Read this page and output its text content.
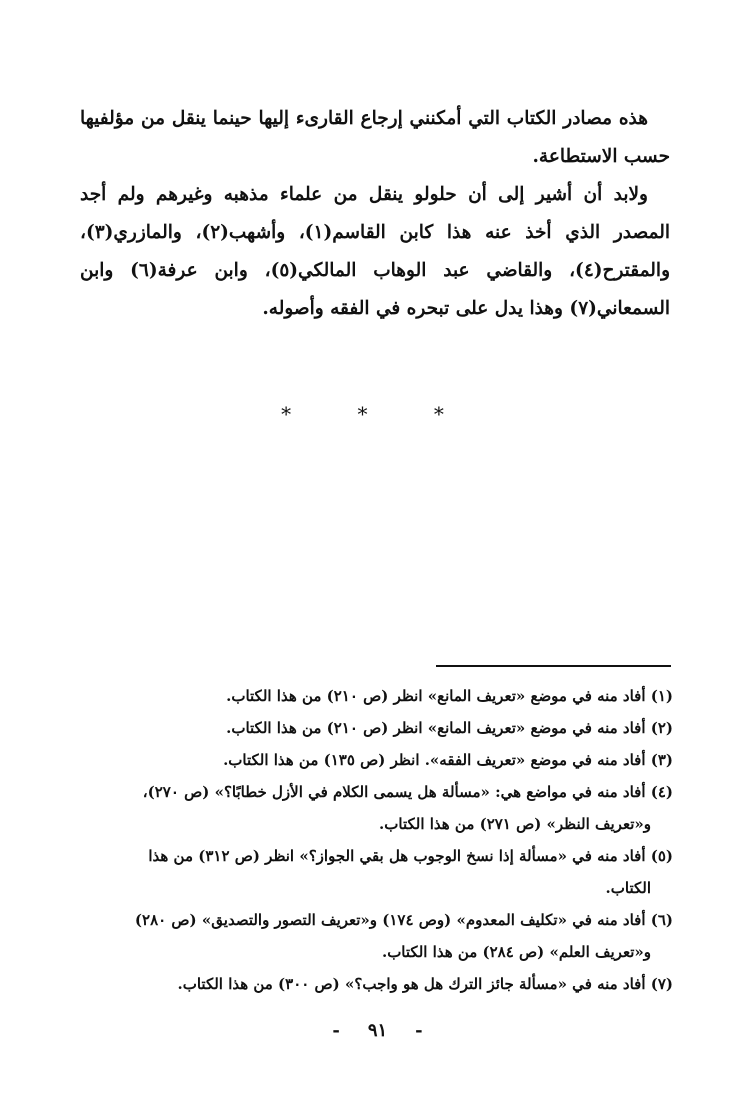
هذه مصادر الكتاب التي أمكنني إرجاع القارىء إليها حينما ينقل من مؤلفيها حسب الاستطاعة.

ولابد أن أشير إلى أن حلولو ينقل من علماء مذهبه وغيرهم ولم أجد المصدر الذي أخذ عنه هذا كابن القاسم(١)، وأشهب(٢)، والمازري(٣)، والمقترح(٤)، والقاضي عبد الوهاب المالكي(٥)، وابن عرفة(٦) وابن السمعاني(٧) وهذا يدل على تبحره في الفقه وأصوله.

* * *

(١) أفاد منه في موضع «تعريف المانع» انظر (ص ٢١٠) من هذا الكتاب.

(٢) أفاد منه في موضع «تعريف المانع» انظر (ص ٢١٠) من هذا الكتاب.

(٣) أفاد منه في موضع «تعريف الفقه». انظر (ص ١٣٥) من هذا الكتاب.

(٤) أفاد منه في مواضع هي: «مسألة هل يسمى الكلام في الأزل خطابًا؟» (ص ٢٧٠)،
و«تعريف النظر» (ص ٢٧١) من هذا الكتاب.

(٥) أفاد منه في «مسألة إذا نسخ الوجوب هل بقي الجواز؟» انظر (ص ٣١٢) من هذا
الكتاب.

(٦) أفاد منه في «تكليف المعدوم» (وص ١٧٤) و«تعريف التصور والتصديق» (ص ٢٨٠)
و«تعريف العلم» (ص ٢٨٤) من هذا الكتاب.

(٧) أفاد منه في «مسألة جائز الترك هل هو واجب؟» (ص ٣٠٠) من هذا الكتاب.

-٩١-
